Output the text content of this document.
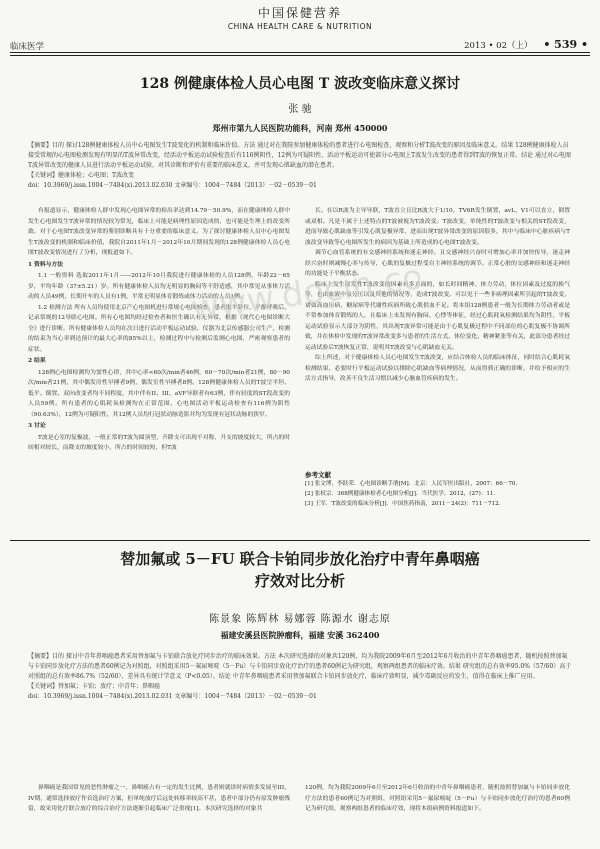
中国保健营养
CHINA HEALTH CARE & NUTRITION
临床医学	2013 • 02（上） • 539 •
128 例健康体检人员心电图 T 波改变临床意义探讨
张 驰
郑州市第九人民医院功能科，河南 郑州 450000
【摘要】目的 探讨128例健康体检人员中心电图发生T波变化的机制和临床价值。方法 通过对在我院参加健康体检的患者进行心电图检查，观察和分析T波改变的原因及临床意义。结果 128例健康体检人员接受常规的心电图检测发现有明显的T波异常改变，经活动平板运动试验检查后有116例阴性，12例为可疑阳性，活动平板运动可使部分心电图上T波发生改变的患者得到T波的恢复正常。结论 通过对心电图T波异常改变的健康人员进行活动平板运动试验，对其诊断和评价有重要的临床意义，并可发现心肌缺血的潜在患者。
【关键词】健康体检；心电图；T波改变
doi：10.3969/j.issn.1004－7484(x).2013.02.030 文章编号：1004－7484（2013）－02－0539－01

有报道显示，健康体检人群中发现心电图异常的检出率达到14.79－50.9%，而在健康体检人群中发生心电图发生T波异常的情况较为常见，临床上可能是病理性原因造成的，也可能是生理上的改变所致。对于心电图T波改变异常的鉴别诊断具有十分重要的临床意义。为了探讨健康体检人员中心电图发生T波改变的机制和临床价值，我院自2011年1月－2012年10月期间发现的128例健康体检人员心电图T波改变情况进行了分析，现报道如下。

1 资料与方法

1.1 一般资料 选取2011年1月——2012年10月我院进行健康体检的人员128例，年龄22－65岁，平均年龄（37±5.21）岁。所有健康体检人员均无明显的胸闷等不舒适感，其中常见从事体力活动的人员49例，长期开车的人员有1例，平常无明显体育锻炼或体力活动的人员1例。

1.2 检测方法 所有人员均使用北京产心电图机进行常规心电图检查，患者取平卧位，平静呼吸后，记录常规的12导联心电图。所有心电图均经过检查者和医生确认有无异常，根据《现代心电图诊断大全》进行诊断。所有健康体检人员均在次日进行活动平板运动试验，仪器为北京传感器公司生产，检测的结束为当心率到达预计的最大心率的85%以上，检测过程中与检测后监测心电图，严密观察患者的症状。

2 结果

128例心电图检测均为窦性心律，其中心率<60次/min者46例，60－70次/min者21例，80－90次/min者21例，其中偶发房性早搏者9例，偶发室性早搏者8例。128例健康体检人员的T波呈平坦、低平、倒置、双向改变者均不同程度，其中伴有II、III、aVF导联者有63例，伴有轻度的ST段改变的人员59例。所有患者的心肌耗氧检测均在正常范围，心电图活动平板运动检查有116例为阴性（90.63%），12例为可疑阳性，其12例人员均行冠状动脉造影并均为发现有冠状动脉的狭窄。

3 讨论

T波是心室的复极波，一般正常的T波为圆顶型，升降支可出现不对称，升支的坡度较大，所占的时间相对较长，而降支的坡度较小，所占的时间较短，但T波

长。在以R波为主导导联，T波直立且比R波大于1/10，TV6R发生倒置，avL、V1可以直立，倒置或双相。凡是不属于上述特点的T波被视为T波改变。T波改变，单纯性的T波改变与相关的ST段改变，进而导致心肌缺血等引发心肌复极异常，进而出现T波异常改变的原因很多，其中与临床中心脏疾病与T波改变导致等心电图所发生的病因为基础上所造成的心电图T波改变。

调节心血管系统的有交感神经系统和迷走神经。且交感神经兴奋时可增加心率并加快传导，迷走神经兴奋时则减慢心率与传导，心肌的复极过程受自主神经系统的调节。正常心脏的交感神经和迷走神经的功能处于平衡状态。

临床上发生原发性T波改变的因素有多方面的，如长时间精神、体力劳动，体位因素及过度的换气等，也由血液中氧分压以及其他的情况等，造成T波改变。可以见于一些非病理因素所引起的T波改变，诸如高血压病、糖尿病等代谢性疾病所致心肌供血不足。将本组128例患者一般为长期体力劳动者或是不常参加体育锻炼的人，且临床上未发现有胸闷、心悸等体征，经过心肌耗氧检测结果均为阴性，平板运动试验显示大部分为阴性，其出现T波异常可能是由于心肌复极过程中不同部位的心肌复极不协调所致，并在体检中发现的T波异常改变多与患者的生活方式、体位变化、精神紧张等有关，此部分患者经过运动试验后T波恢复正常，说明其T波改变与心肌缺血无关。

综上所述，对于健康体检人员心电图发生T波改变，应结合体检人员的临床体征，同时结合心肌耗氧检测结果，必要时行平板运动试验以排除心肌缺血等病理情况，从而得到正确的诊断，并给予相应的生活方式指导，改善不良生活习惯以减少心脑血管疾病的发生。

参考文献
[1] 张文博，李跃荣．心电图诊断手册[M]．北京：人民军医出版社，2007：66－70.
[2] 张权宗．368例健康体检者心电图分析[J]．当代医学，2012，(27)：11.
[3] 王军．T波改变的临床分析[J]．中国医药指南，2011－24(2)：711－712.
www.docin.com
替加氟或 5－FU 联合卡铂同步放化治疗中青年鼻咽癌
疗效对比分析
陈景象 陈辉林 易娜蓉 陈源水 谢志原
福建安溪县医院肿瘤科，福建 安溪 362400
【摘要】目的 探讨中青年鼻咽癌患者采用替加氟与卡铂联合放化疗同步治疗的临床效果。方法 本次研究选择的对象共120例，均为我院2009年6月至2012年6月收治的中青年鼻咽癌患者，随机按照替加氟与卡铂同步放化疗方法的患者60例记为对照组，对照组采用5－氟尿嘧啶（5－Fu）与卡铂同步放化疗治疗的患者60例记为研究组，观察两组患者的临床疗效。结果 研究组的总有效率95.0%（57/60）高于对照组的总有效率86.7%（52/60），差异具有统计学意义（P<0.05）。结论 中青年鼻咽癌患者采用替加氟联合卡铂同步放化疗，临床疗效明显，减少毒副反应的发生，值得在临床上推广应用。
【关键词】替加氟；卡铂；放疗；中青年；鼻咽癌
doi：10.3969/j.issn.1004－7484(x).2013.02.031 文章编号：1004－7484（2013）－02－0539－01

鼻咽癌是我国常见的恶性肿瘤之一，鼻咽癌占有一定的发生比例，患者则就诊时病情多发展至III、IV期，通常选择放疗作首选治疗方案，但单纯放疗后远处转移率较高不甚，患者中部分仍有原发肿瘤残留，故采用化疗联合放疗的综合治疗方法逐渐引起临床广泛重视[1]。本次研究选择的对象共

120例，均为我院2009年6月至2012年6月收治的中青年鼻咽癌患者，随机按照替加氟与卡铂同步放化疗方法的患者60例记为对照组，对照组采用5－氟尿嘧啶（5－Fu）与卡铂同步放化疗治疗的患者60例记为研究组，观察两组患者的临床疗效，现将本组病例资料报道如下。
